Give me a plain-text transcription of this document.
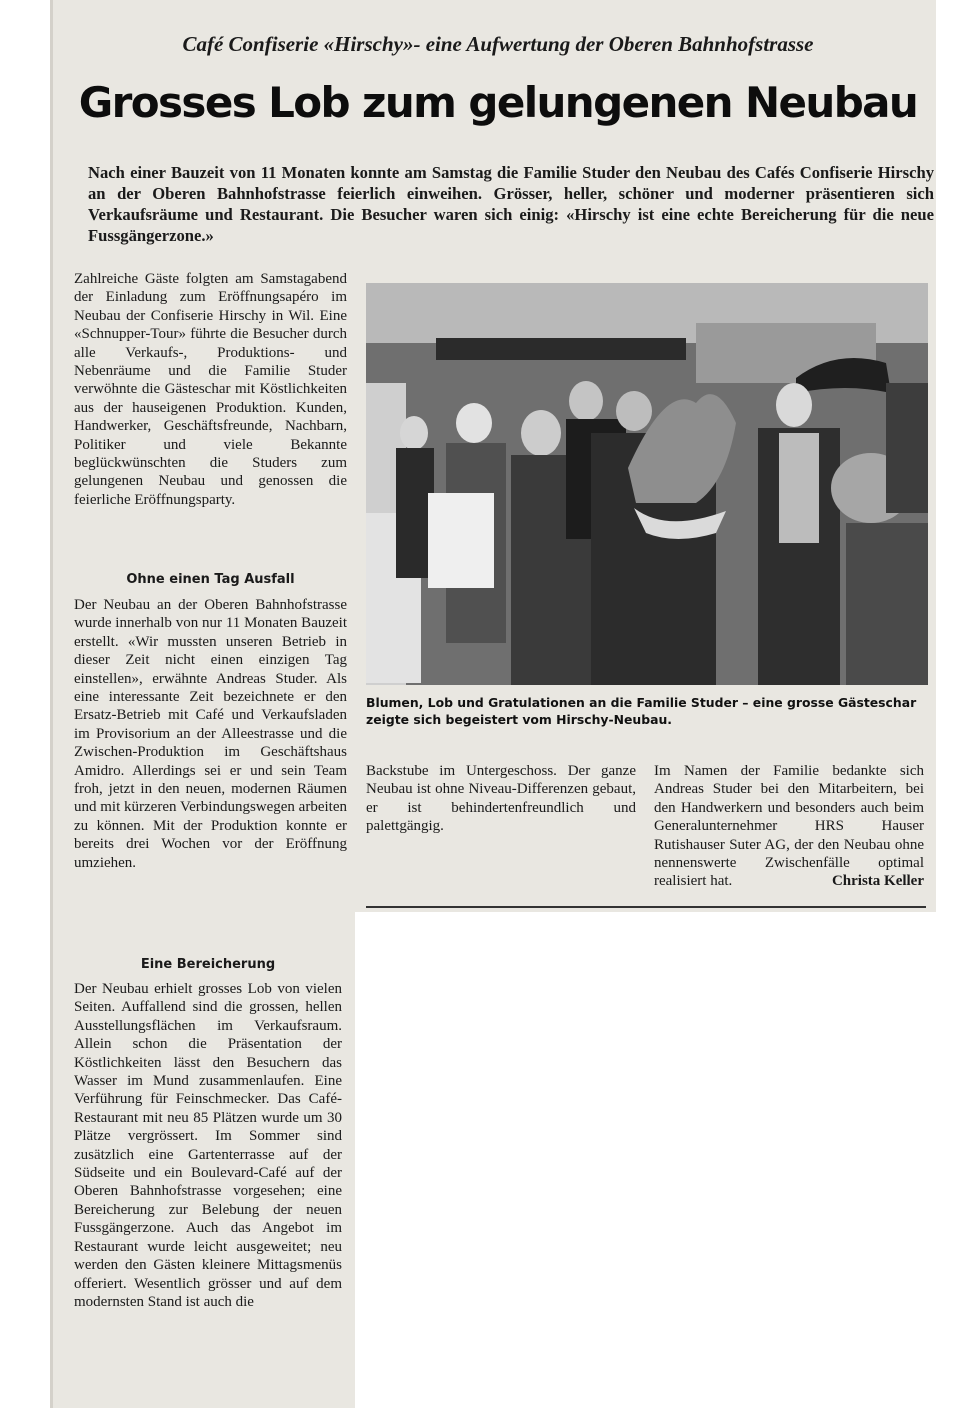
Café Confiserie «Hirschy»- eine Aufwertung der Oberen Bahnhofstrasse
Grosses Lob zum gelungenen Neubau
Nach einer Bauzeit von 11 Monaten konnte am Samstag die Familie Studer den Neubau des Cafés Confiserie Hirschy an der Oberen Bahnhofstrasse feierlich einweihen. Grösser, heller, schöner und moderner präsentieren sich Verkaufsräume und Restaurant. Die Besucher waren sich einig: «Hirschy ist eine echte Bereicherung für die neue Fussgängerzone.»

Zahlreiche Gäste folgten am Samstagabend der Einladung zum Eröffnungsapéro im Neubau der Confiserie Hirschy in Wil. Eine «Schnupper-Tour» führte die Besucher durch alle Verkaufs-, Produktions- und Nebenräume und die Familie Studer verwöhnte die Gästeschar mit Köstlichkeiten aus der hauseigenen Produktion. Kunden, Handwerker, Geschäftsfreunde, Nachbarn, Politiker und viele Bekannte beglückwünschten die Studers zum gelungenen Neubau und genossen die feierliche Eröffnungsparty.

Ohne einen Tag Ausfall

Der Neubau an der Oberen Bahnhofstrasse wurde innerhalb von nur 11 Monaten Bauzeit erstellt. «Wir mussten unseren Betrieb in dieser Zeit nicht einen einzigen Tag einstellen», erwähnte Andreas Studer. Als eine interessante Zeit bezeichnete er den Ersatz-Betrieb mit Café und Verkaufsladen im Provisorium an der Alleestrasse und die Zwischen-Produktion im Geschäftshaus Amidro. Allerdings sei er und sein Team froh, jetzt in den neuen, modernen Räumen und mit kürzeren Verbindungswegen arbeiten zu können. Mit der Produktion konnte er bereits drei Wochen vor der Eröffnung umziehen.

Eine Bereicherung

Der Neubau erhielt grosses Lob von vielen Seiten. Auffallend sind die grossen, hellen Ausstellungsflächen im Verkaufsraum. Allein schon die Präsentation der Köstlichkeiten lässt den Besuchern das Wasser im Mund zusammenlaufen. Eine Verführung für Feinschmecker. Das Café-Restaurant mit neu 85 Plätzen wurde um 30 Plätze vergrössert. Im Sommer sind zusätzlich eine Gartenterrasse auf der Südseite und ein Boulevard-Café auf der Oberen Bahnhofstrasse vorgesehen; eine Bereicherung zur Belebung der neuen Fussgängerzone. Auch das Angebot im Restaurant wurde leicht ausgeweitet; neu werden den Gästen kleinere Mittagsmenüs offeriert. Wesentlich grösser und auf dem modernsten Stand ist auch die

Blumen, Lob und Gratulationen an die Familie Studer – eine grosse Gästeschar zeigte sich begeistert vom Hirschy-Neubau.

Backstube im Untergeschoss. Der ganze Neubau ist ohne Niveau-Differenzen gebaut, er ist behindertenfreundlich und palettgängig.

Im Namen der Familie bedankte sich Andreas Studer bei den Mitarbeitern, bei den Handwerkern und besonders auch beim Generalunternehmer HRS Hauser Rutishauser Suter AG, der den Neubau ohne nennenswerte Zwischenfälle optimal realisiert hat.	Christa Keller
